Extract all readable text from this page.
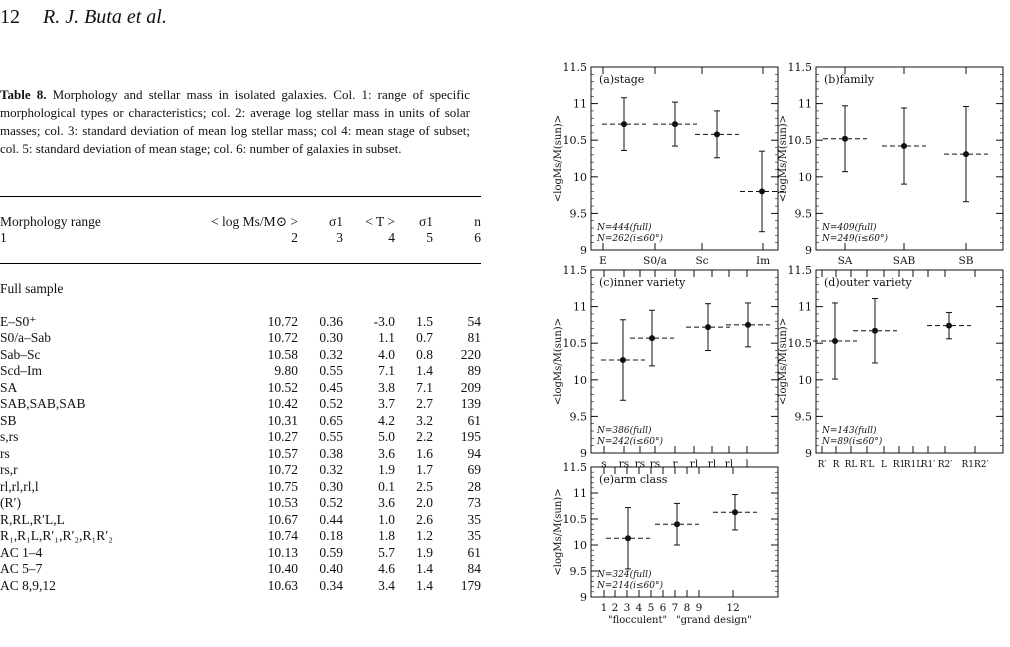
12 R. J. Buta et al.
Table 8. Morphology and stellar mass in isolated galaxies. Col. 1: range of specific morphological types or characteristics; col. 2: average log stellar mass in units of solar masses; col. 3: standard deviation of mean log stellar mass; col 4: mean stage of subset; col. 5: standard deviation of mean stage; col. 6: number of galaxies in subset.

Morphology range	< log Ms/M⊙ >	σ1	< T >	σ1	n
1	2	3	4	5	6

Full sample					

E–S0⁺	10.72	0.36	-3.0	1.5	54
S0/a–Sab	10.72	0.30	1.1	0.7	81
Sab–Sc	10.58	0.32	4.0	0.8	220
Scd–Im	9.80	0.55	7.1	1.4	89
SA	10.52	0.45	3.8	7.1	209
SAB,SAB,SAB	10.42	0.52	3.7	2.7	139
SB	10.31	0.65	4.2	3.2	61
s,rs	10.27	0.55	5.0	2.2	195
rs	10.57	0.38	3.6	1.6	94
rs,r	10.72	0.32	1.9	1.7	69
rl,rl,rl,l	10.75	0.30	0.1	2.5	28
(R′)	10.53	0.52	3.6	2.0	73
R,RL,R′L,L	10.67	0.44	1.0	2.6	35
R₁,R₁L,R′₁,R′₂,R₁R′₂	10.74	0.18	1.8	1.2	35
AC 1–4	10.13	0.59	5.7	1.9	61
AC 5–7	10.40	0.40	4.6	1.4	84
AC 8,9,12	10.63	0.34	3.4	1.4	179
9
9.5
10
10.5
11
11.5
E	S0/a	Sc	Im
(a)stage
N=444(full)
N=262(i≤60°)
<logMs/M(sun)>
9
9.5
10
10.5
11
11.5
SA	SAB	SB
(b)family
N=409(full)
N=249(i≤60°)
<logMs/M(sun)>
9
9.5
10
10.5
11
11.5
s rs rs rs r rl rl rl l
(c)inner variety
N=386(full)
N=242(i≤60°)
<logMs/M(sun)>
9
9.5
10
10.5
11
11.5
R′ R RL R′L L R1
R1L
R1′ R2′ R1R2′
(d)outer variety
N=143(full)
N=89(i≤60°)
<logMs/M(sun)>
9
9.5
10
10.5
11
11.5
1 2 3 4 5 6 7 8 9 12
(e)arm class
N=324(full)
N=214(i≤60°)
"flocculent" "grand design"
<logMs/M(sun)>
